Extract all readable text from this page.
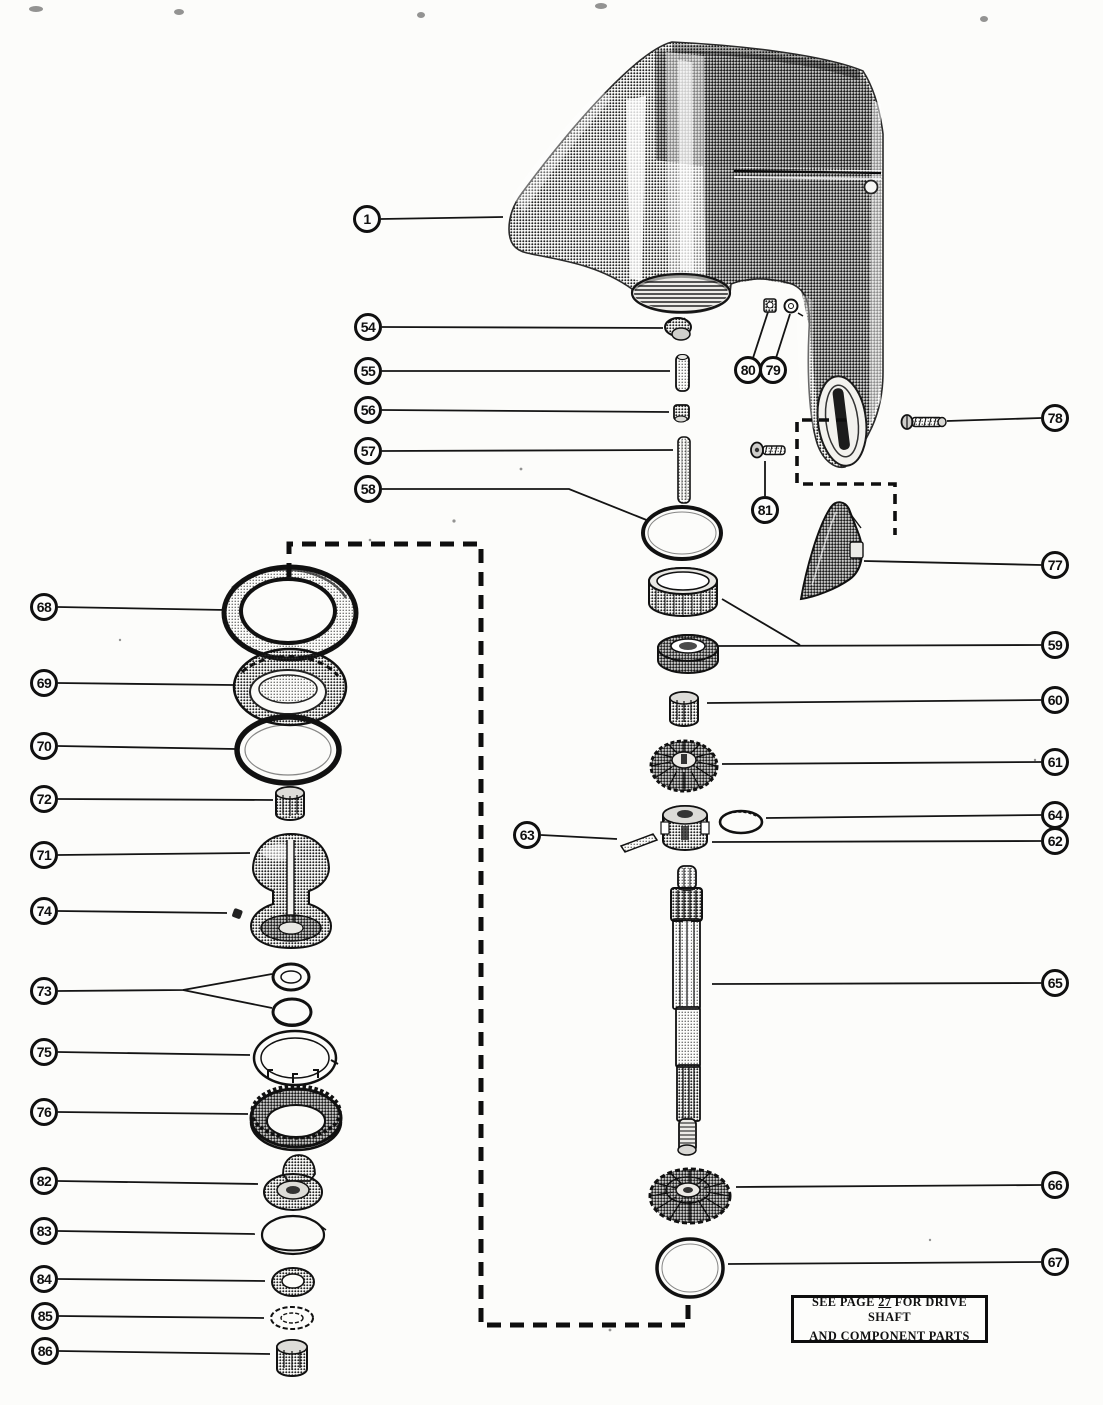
1
54
55
56
57
58
80 79
81
78
77
68
69
70
72
71
74
73
75
76
82
83
84
85
86
59
60
61
64
62
63
65
66
67
SEE PAGE 27 FOR DRIVE SHAFT
AND COMPONENT PARTS
